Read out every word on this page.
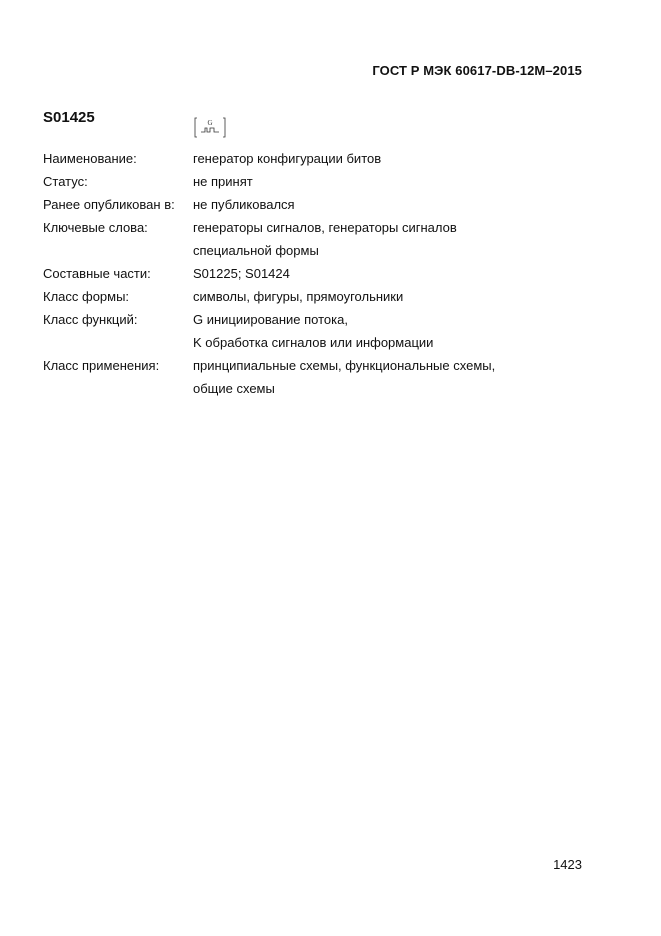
ГОСТ Р МЭК 60617-DB-12M–2015
S01425	G
Наименование:	генератор конфигурации битов
Статус:	не принят
Ранее опубликован в:	не публиковался
Ключевые слова:	генераторы сигналов, генераторы сигналов
специальной формы
Составные части:	S01225; S01424
Класс формы:	символы, фигуры, прямоугольники
Класс функций:	G инициирование потока,
K обработка сигналов или информации
Класс применения:	принципиальные схемы, функциональные схемы,
общие схемы
1423
